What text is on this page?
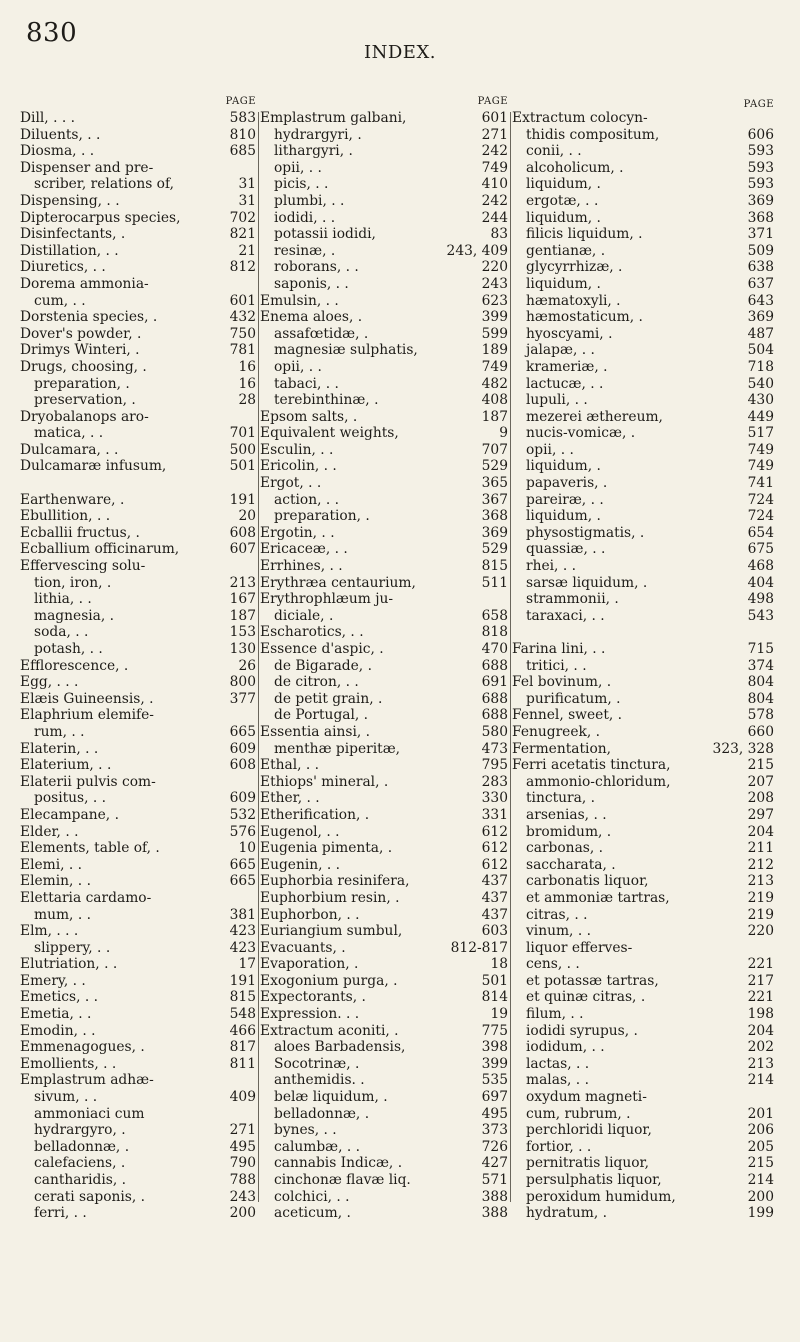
830
INDEX.
PAGE
Dill, . . .	583
Diluents, . .	810
Diosma, . .	685
Dispenser and pre-
scriber, relations of,	31
Dispensing, . .	31
Dipterocarpus species,	702
Disinfectants, .	821
Distillation, . .	21
Diuretics, . .	812
Dorema ammonia-
cum, . .	601
Dorstenia species, .	432
Dover's powder, .	750
Drimys Winteri, .	781
Drugs, choosing, .	16
preparation, .	16
preservation, .	28
Dryobalanops aro-
matica, . .	701
Dulcamara, . .	500
Dulcamaræ infusum,	501
Earthenware, .	191
Ebullition, . .	20
Ecballii fructus, .	608
Ecballium officinarum,	607
Effervescing solu-
tion, iron, .	213
lithia, . .	167
magnesia, .	187
soda, . .	153
potash, . .	130
Efflorescence, .	26
Egg, . . .	800
Elæis Guineensis, .	377
Elaphrium elemife-
rum, . .	665
Elaterin, . .	609
Elaterium, . .	608
Elaterii pulvis com-
positus, . .	609
Elecampane, .	532
Elder, . .	576
Elements, table of, .	10
Elemi, . .	665
Elemin, . .	665
Elettaria cardamo-
mum, . .	381
Elm, . . .	423
slippery, . .	423
Elutriation, . .	17
Emery, . .	191
Emetics, . .	815
Emetia, . .	548
Emodin, . .	466
Emmenagogues, .	817
Emollients, . .	811
Emplastrum adhæ-
sivum, . .	409
ammoniaci cum
hydrargyro, .	271
belladonnæ, .	495
calefaciens, .	790
cantharidis, .	788
cerati saponis, .	243
ferri, . .	200
PAGE
Emplastrum galbani,	601
hydrargyri, .	271
lithargyri, .	242
opii, . .	749
picis, . .	410
plumbi, . .	242
iodidi, . .	244
potassii iodidi,	83
resinæ, .	243, 409
roborans, . .	220
saponis, . .	243
Emulsin, . .	623
Enema aloes, .	399
assafœtidæ, .	599
magnesiæ sulphatis,	189
opii, . .	749
tabaci, . .	482
terebinthinæ, .	408
Epsom salts, .	187
Equivalent weights,	9
Esculin, . .	707
Ericolin, . .	529
Ergot, . .	365
action, . .	367
preparation, .	368
Ergotin, . .	369
Ericaceæ, . .	529
Errhines, . .	815
Erythræa centaurium,	511
Erythrophlæum ju-
diciale, .	658
Escharotics, . .	818
Essence d'aspic, .	470
de Bigarade, .	688
de citron, . .	691
de petit grain, .	688
de Portugal, .	688
Essentia ainsi, .	580
menthæ piperitæ,	473
Ethal, . .	795
Ethiops' mineral, .	283
Ether, . .	330
Etherification, .	331
Eugenol, . .	612
Eugenia pimenta, .	612
Eugenin, . .	612
Euphorbia resinifera,	437
Euphorbium resin, .	437
Euphorbon, . .	437
Euriangium sumbul,	603
Evacuants, .	812-817
Evaporation, .	18
Exogonium purga, .	501
Expectorants, .	814
Expression. . .	19
Extractum aconiti, .	775
aloes Barbadensis,	398
Socotrinæ, .	399
anthemidis. .	535
belæ liquidum, .	697
belladonnæ, .	495
bynes, . .	373
calumbæ, . .	726
cannabis Indicæ, .	427
cinchonæ flavæ liq.	571
colchici, . .	388
aceticum, .	388
PAGE
Extractum colocyn-
thidis compositum,	606
conii, . .	593
alcoholicum, .	593
liquidum, .	593
ergotæ, . .	369
liquidum, .	368
filicis liquidum, .	371
gentianæ, .	509
glycyrrhizæ, .	638
liquidum, .	637
hæmatoxyli, .	643
hæmostaticum, .	369
hyoscyami, .	487
jalapæ, . .	504
krameriæ, .	718
lactucæ, . .	540
lupuli, . .	430
mezerei æthereum,	449
nucis-vomicæ, .	517
opii, . .	749
liquidum, .	749
papaveris, .	741
pareiræ, . .	724
liquidum, .	724
physostigmatis, .	654
quassiæ, . .	675
rhei, . .	468
sarsæ liquidum, .	404
strammonii, .	498
taraxaci, . .	543
Farina lini, . .	715
tritici, . .	374
Fel bovinum, .	804
purificatum, .	804
Fennel, sweet, .	578
Fenugreek, .	660
Fermentation,	323, 328
Ferri acetatis tinctura,	215
ammonio-chloridum,	207
tinctura, .	208
arsenias, . .	297
bromidum, .	204
carbonas, .	211
saccharata, .	212
carbonatis liquor,	213
et ammoniæ tartras,	219
citras, . .	219
vinum, . .	220
liquor efferves-
cens, . .	221
et potassæ tartras,	217
et quinæ citras, .	221
filum, . .	198
iodidi syrupus, .	204
iodidum, . .	202
lactas, . .	213
malas, . .	214
oxydum magneti-
cum, rubrum, .	201
perchloridi liquor,	206
fortior, . .	205
pernitratis liquor,	215
persulphatis liquor,	214
peroxidum humidum,	200
hydratum, .	199
